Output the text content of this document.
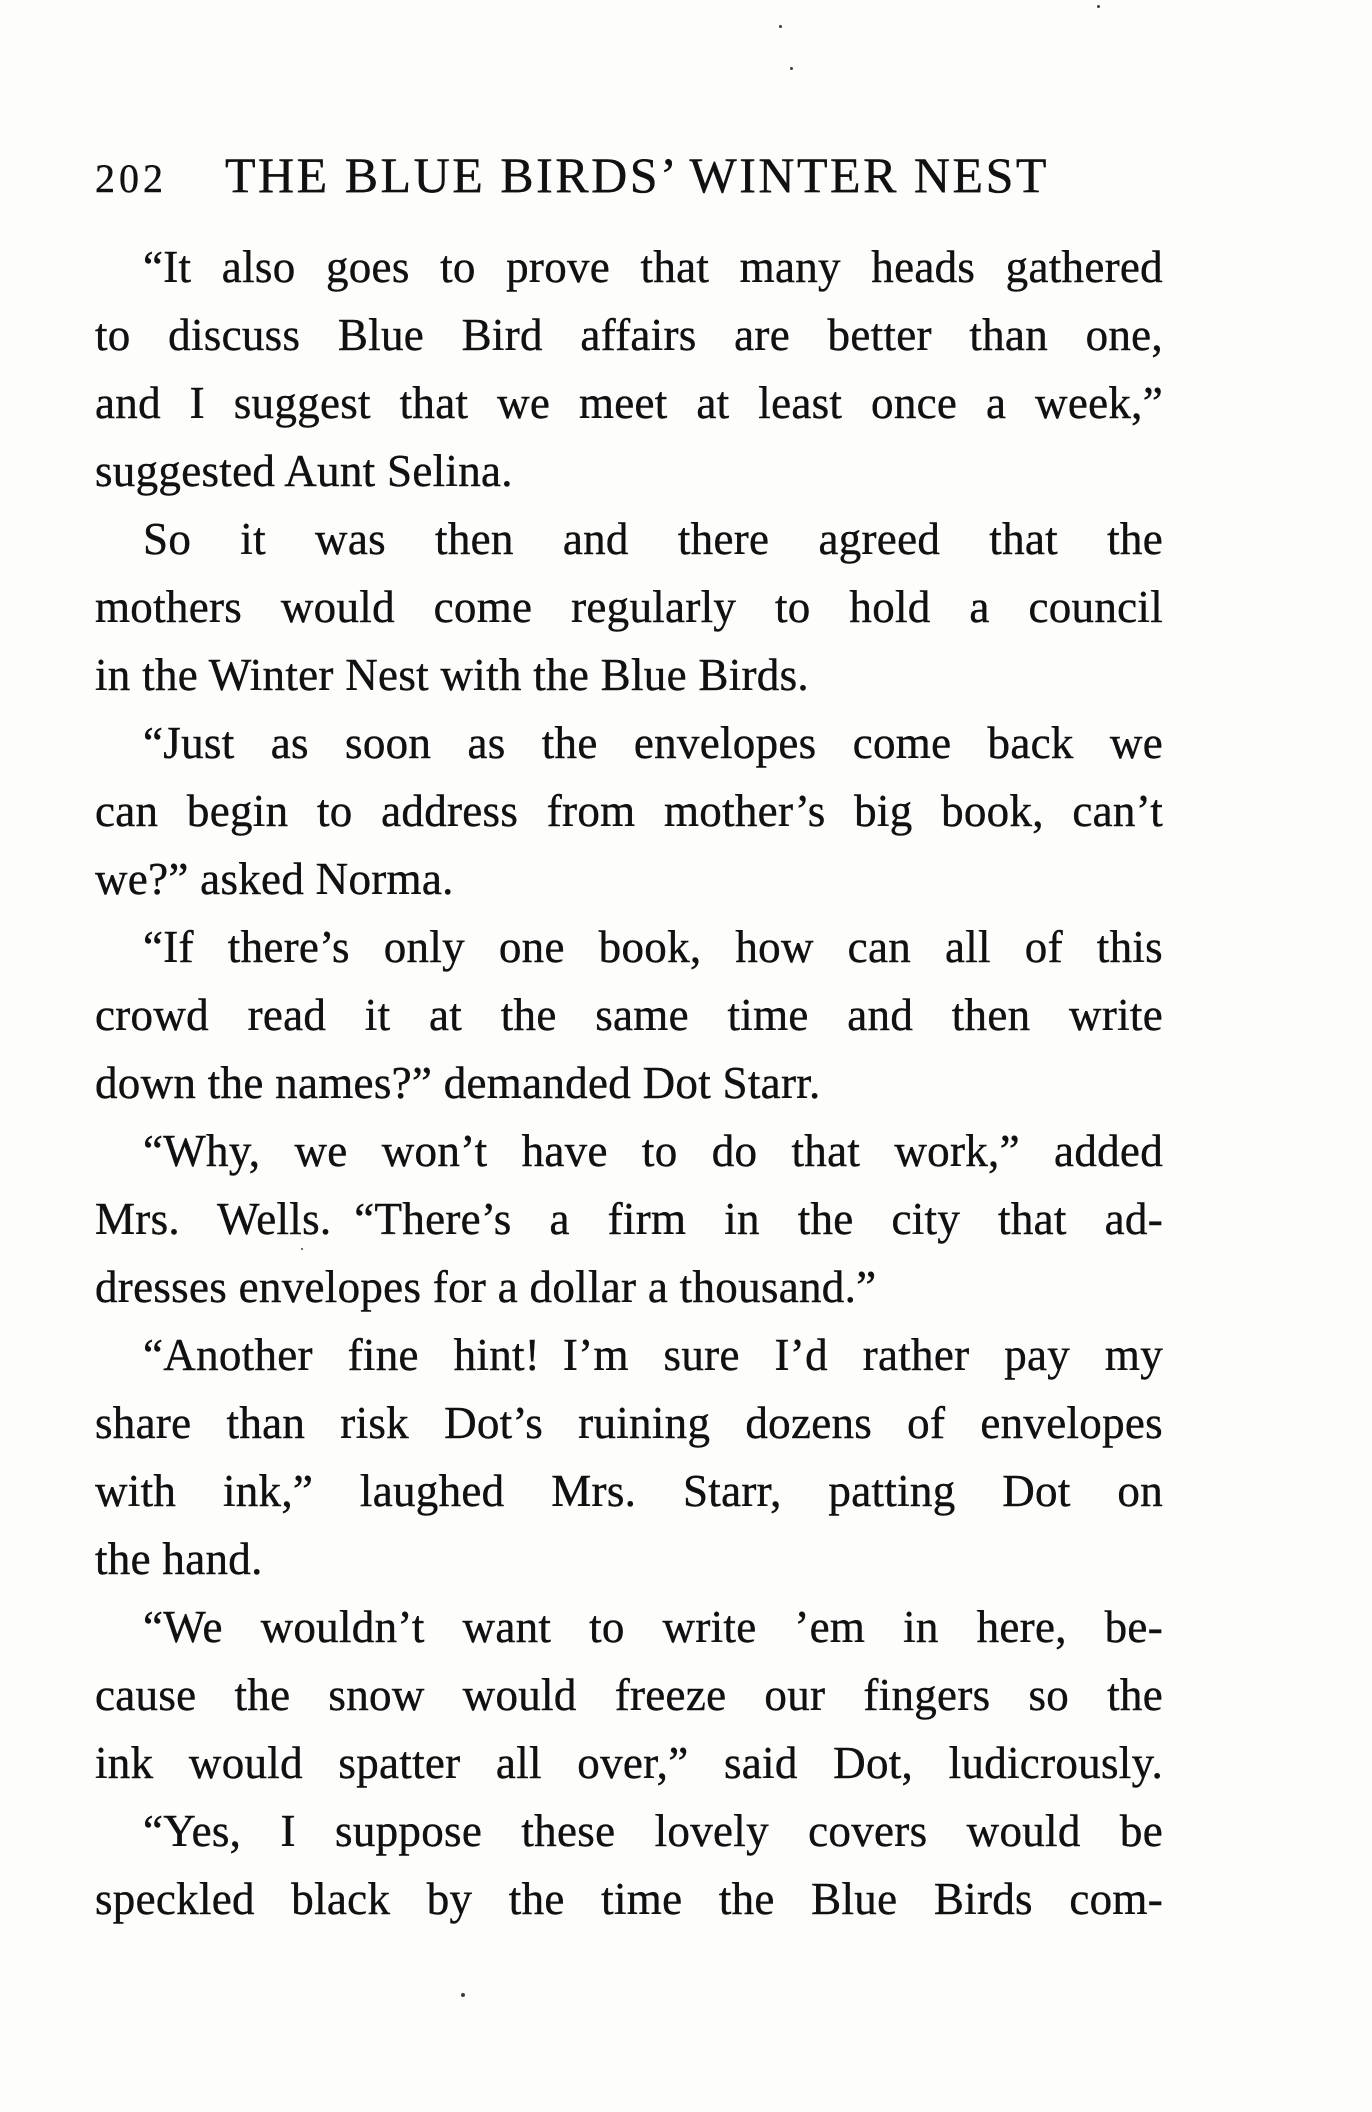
202	THE BLUE BIRDS’ WINTER NEST
“It also goes to prove that many heads gathered
to discuss Blue Bird affairs are better than one,
and I suggest that we meet at least once a week,”
suggested Aunt Selina.
So it was then and there agreed that the
mothers would come regularly to hold a council
in the Winter Nest with the Blue Birds.
“Just as soon as the envelopes come back we
can begin to address from mother’s big book, can’t
we?” asked Norma.
“If there’s only one book, how can all of this
crowd read it at the same time and then write
down the names?” demanded Dot Starr.
“Why, we won’t have to do that work,” added
Mrs. Wells. “There’s a firm in the city that ad-
dresses envelopes for a dollar a thousand.”
“Another fine hint! I’m sure I’d rather pay my
share than risk Dot’s ruining dozens of envelopes
with ink,” laughed Mrs. Starr, patting Dot on
the hand.
“We wouldn’t want to write ’em in here, be-
cause the snow would freeze our fingers so the
ink would spatter all over,” said Dot, ludicrously.
“Yes, I suppose these lovely covers would be
speckled black by the time the Blue Birds com-
